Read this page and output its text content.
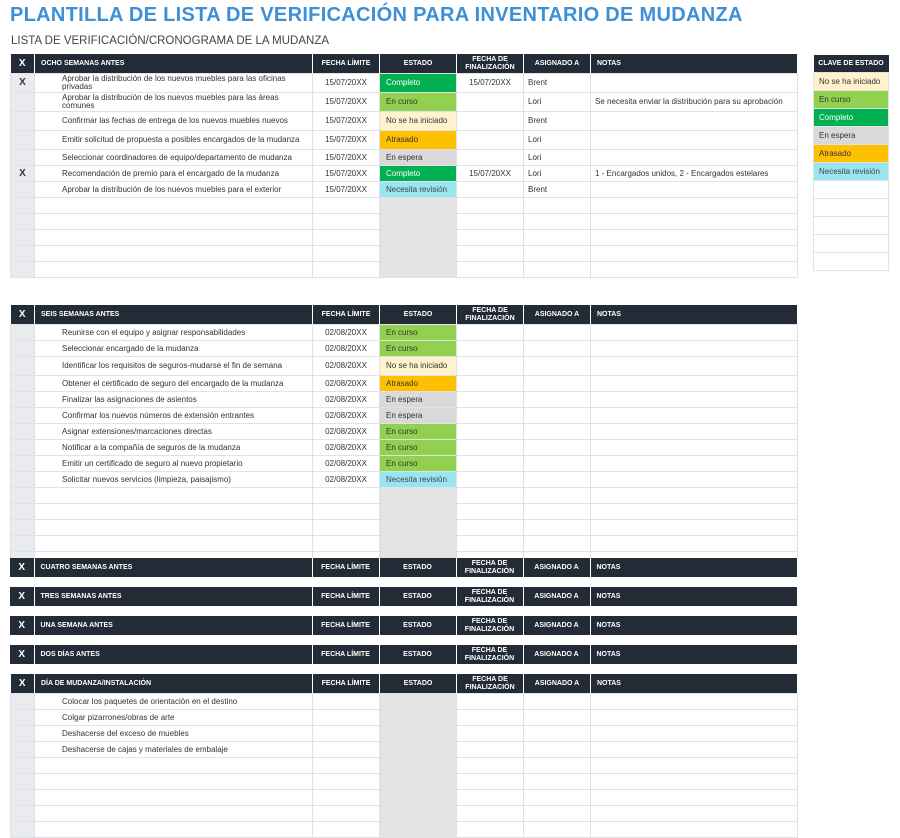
PLANTILLA DE LISTA DE VERIFICACIÓN PARA INVENTARIO DE MUDANZA
LISTA DE VERIFICACIÓN/CRONOGRAMA DE LA MUDANZA
X	OCHO SEMANAS ANTES	FECHA LÍMITE	ESTADO	FECHA DE
FINALIZACIÓN	ASIGNADO A	NOTAS
X	Aprobar la distribución de los nuevos muebles para las oficinas privadas	15/07/20XX	Completo	15/07/20XX	Brent	
	Aprobar la distribución de los nuevos muebles para las áreas comunes	15/07/20XX	En curso		Lori	Se necesita enviar la distribución para su aprobación
	Confirmar las fechas de entrega de los nuevos muebles nuevos	15/07/20XX	No se ha iniciado		Brent	
	Emitir solicitud de propuesta a posibles encargados de la mudanza	15/07/20XX	Atrasado		Lori	
	Seleccionar coordinadores de equipo/departamento de mudanza	15/07/20XX	En espera		Lori	
X	Recomendación de premio para el encargado de la mudanza	15/07/20XX	Completo	15/07/20XX	Lori	1 - Encargados unidos, 2 - Encargados estelares
	Aprobar la distribución de los nuevos muebles para el exterior	15/07/20XX	Necesita revisión		Brent	

X	SEIS SEMANAS ANTES	FECHA LÍMITE	ESTADO	FECHA DE
FINALIZACIÓN	ASIGNADO A	NOTAS
	Reunirse con el equipo y asignar responsabilidades	02/08/20XX	En curso			
	Seleccionar encargado de la mudanza	02/08/20XX	En curso			
	Identificar los requisitos de seguros-mudarse el fin de semana	02/08/20XX	No se ha iniciado			
	Obtener el certificado de seguro del encargado de la mudanza	02/08/20XX	Atrasado			
	Finalizar las asignaciones de asientos	02/08/20XX	En espera			
	Confirmar los nuevos números de extensión entrantes	02/08/20XX	En espera			
	Asignar extensiones/marcaciones directas	02/08/20XX	En curso			
	Notificar a la compañía de seguros de la mudanza	02/08/20XX	En curso			
	Emitir un certificado de seguro al nuevo propietario	02/08/20XX	En curso			
	Solicitar nuevos servicios (limpieza, paisajismo)	02/08/20XX	Necesita revisión			

X	CUATRO SEMANAS ANTES	FECHA LÍMITE	ESTADO	
FECHA DE
FINALIZACIÓN
	ASIGNADO A	NOTAS
X	TRES SEMANAS ANTES	FECHA LÍMITE	ESTADO	
FECHA DE
FINALIZACIÓN
	ASIGNADO A	NOTAS
X	UNA SEMANA ANTES	FECHA LÍMITE	ESTADO	
FECHA DE
FINALIZACIÓN
	ASIGNADO A	NOTAS
X	DOS DÍAS ANTES	FECHA LÍMITE	ESTADO	
FECHA DE
FINALIZACIÓN
	ASIGNADO A	NOTAS
X	DÍA DE MUDANZA/INSTALACIÓN	FECHA LÍMITE	ESTADO	FECHA DE
FINALIZACIÓN	ASIGNADO A	NOTAS
	Colocar los paquetes de orientación en el destino					
	Colgar pizarrones/obras de arte					
	Deshacerse del exceso de muebles					
	Deshacerse de cajas y materiales de embalaje					

CLAVE DE ESTADO
No se ha iniciado
En curso
Completo
En espera
Atrasado
Necesita revisión
